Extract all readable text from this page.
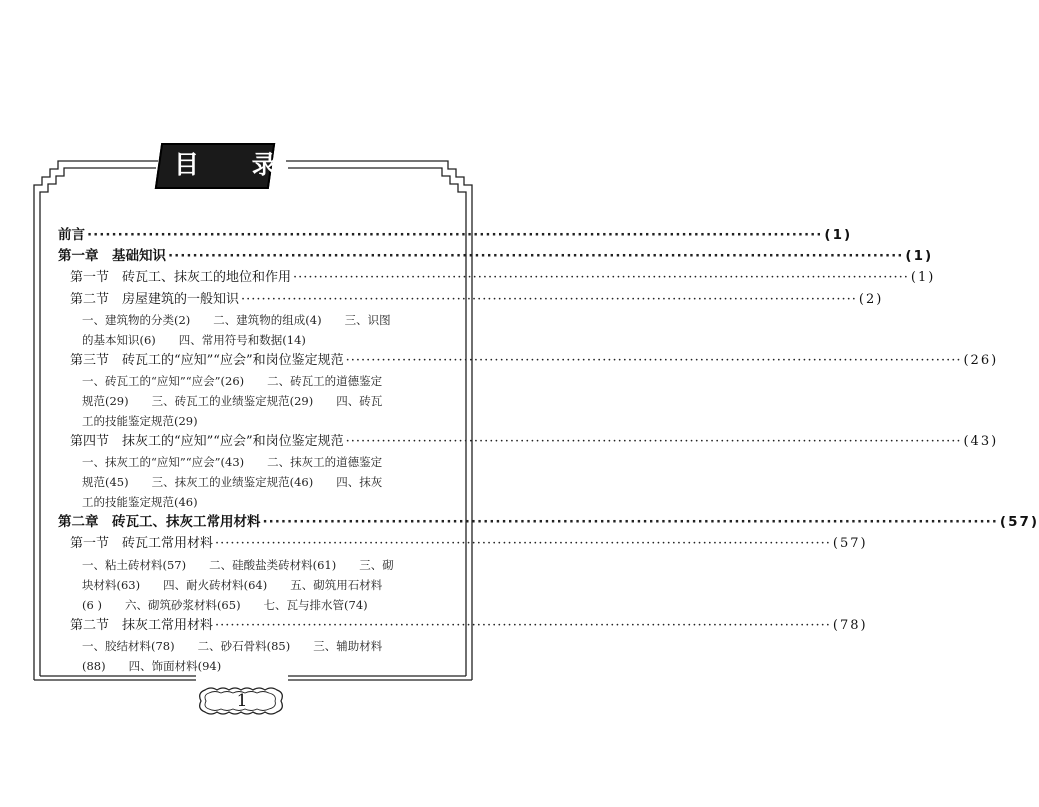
目 录
前言 ························································································································ (1)
第一章　基础知识 ························································································································ (1)
第一节　砖瓦工、抹灰工的地位和作用 ························································································································ (1)
第二节　房屋建筑的一般知识 ························································································································ (2)
一、建筑物的分类(2)　　二、建筑物的组成(4)　　三、识图
的基本知识(6)　　四、常用符号和数据(14)
第三节　砖瓦工的“应知”“应会”和岗位鉴定规范 ························································································································ (26)
一、砖瓦工的“应知”“应会”(26)　　二、砖瓦工的道德鉴定
规范(29)　　三、砖瓦工的业绩鉴定规范(29)　　四、砖瓦
工的技能鉴定规范(29)
第四节　抹灰工的“应知”“应会”和岗位鉴定规范 ························································································································ (43)
一、抹灰工的“应知”“应会”(43)　　二、抹灰工的道德鉴定
规范(45)　　三、抹灰工的业绩鉴定规范(46)　　四、抹灰
工的技能鉴定规范(46)
第二章　砖瓦工、抹灰工常用材料 ························································································································ (57)
第一节　砖瓦工常用材料 ························································································································ (57)
一、粘土砖材料(57)　　二、硅酸盐类砖材料(61)　　三、砌
块材料(63)　　四、耐火砖材料(64)　　五、砌筑用石材料
(6 )　　六、砌筑砂浆材料(65)　　七、瓦与排水管(74)
第二节　抹灰工常用材料 ························································································································ (78)
一、胶结材料(78)　　二、砂石骨料(85)　　三、辅助材料
(88)　　四、饰面材料(94)
1
